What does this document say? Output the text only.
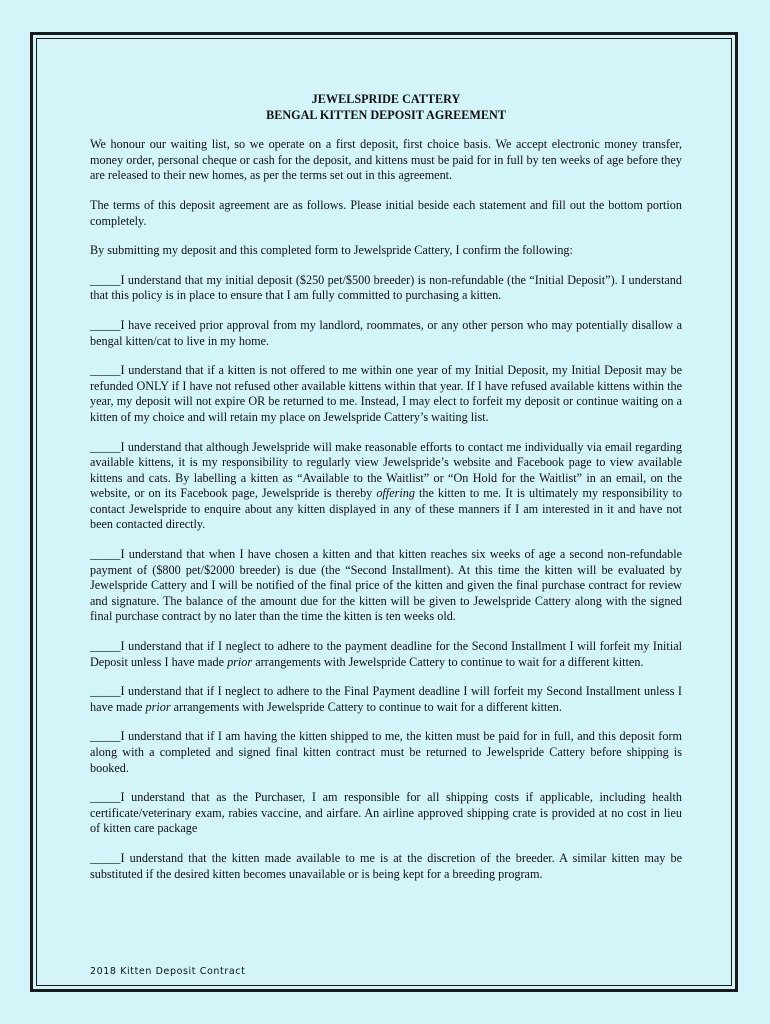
JEWELSPRIDE CATTERY

BENGAL KITTEN DEPOSIT AGREEMENT

We honour our waiting list, so we operate on a first deposit, first choice basis. We accept electronic money transfer, money order, personal cheque or cash for the deposit, and kittens must be paid for in full by ten weeks of age before they are released to their new homes, as per the terms set out in this agreement.

The terms of this deposit agreement are as follows. Please initial beside each statement and fill out the bottom portion completely.

By submitting my deposit and this completed form to Jewelspride Cattery, I confirm the following:

_____I understand that my initial deposit ($250 pet/$500 breeder) is non-refundable (the “Initial Deposit”). I understand that this policy is in place to ensure that I am fully committed to purchasing a kitten.

_____I have received prior approval from my landlord, roommates, or any other person who may potentially disallow a bengal kitten/cat to live in my home.

_____I understand that if a kitten is not offered to me within one year of my Initial Deposit, my Initial Deposit may be refunded ONLY if I have not refused other available kittens within that year. If I have refused available kittens within the year, my deposit will not expire OR be returned to me. Instead, I may elect to forfeit my deposit or continue waiting on a kitten of my choice and will retain my place on Jewelspride Cattery’s waiting list.

_____I understand that although Jewelspride will make reasonable efforts to contact me individually via email regarding available kittens, it is my responsibility to regularly view Jewelspride’s website and Facebook page to view available kittens and cats. By labelling a kitten as “Available to the Waitlist” or “On Hold for the Waitlist” in an email, on the website, or on its Facebook page, Jewelspride is thereby offering the kitten to me. It is ultimately my responsibility to contact Jewelspride to enquire about any kitten displayed in any of these manners if I am interested in it and have not been contacted directly.

_____I understand that when I have chosen a kitten and that kitten reaches six weeks of age a second non-refundable payment of ($800 pet/$2000 breeder) is due (the “Second Installment). At this time the kitten will be evaluated by Jewelspride Cattery and I will be notified of the final price of the kitten and given the final purchase contract for review and signature. The balance of the amount due for the kitten will be given to Jewelspride Cattery along with the signed final purchase contract by no later than the time the kitten is ten weeks old.

_____I understand that if I neglect to adhere to the payment deadline for the Second Installment I will forfeit my Initial Deposit unless I have made prior arrangements with Jewelspride Cattery to continue to wait for a different kitten.

_____I understand that if I neglect to adhere to the Final Payment deadline I will forfeit my Second Installment unless I have made prior arrangements with Jewelspride Cattery to continue to wait for a different kitten.

_____I understand that if I am having the kitten shipped to me, the kitten must be paid for in full, and this deposit form along with a completed and signed final kitten contract must be returned to Jewelspride Cattery before shipping is booked.

_____I understand that as the Purchaser, I am responsible for all shipping costs if applicable, including health certificate/veterinary exam, rabies vaccine, and airfare. An airline approved shipping crate is provided at no cost in lieu of kitten care package

_____I understand that the kitten made available to me is at the discretion of the breeder. A similar kitten may be substituted if the desired kitten becomes unavailable or is being kept for a breeding program.

2018 Kitten Deposit Contract
